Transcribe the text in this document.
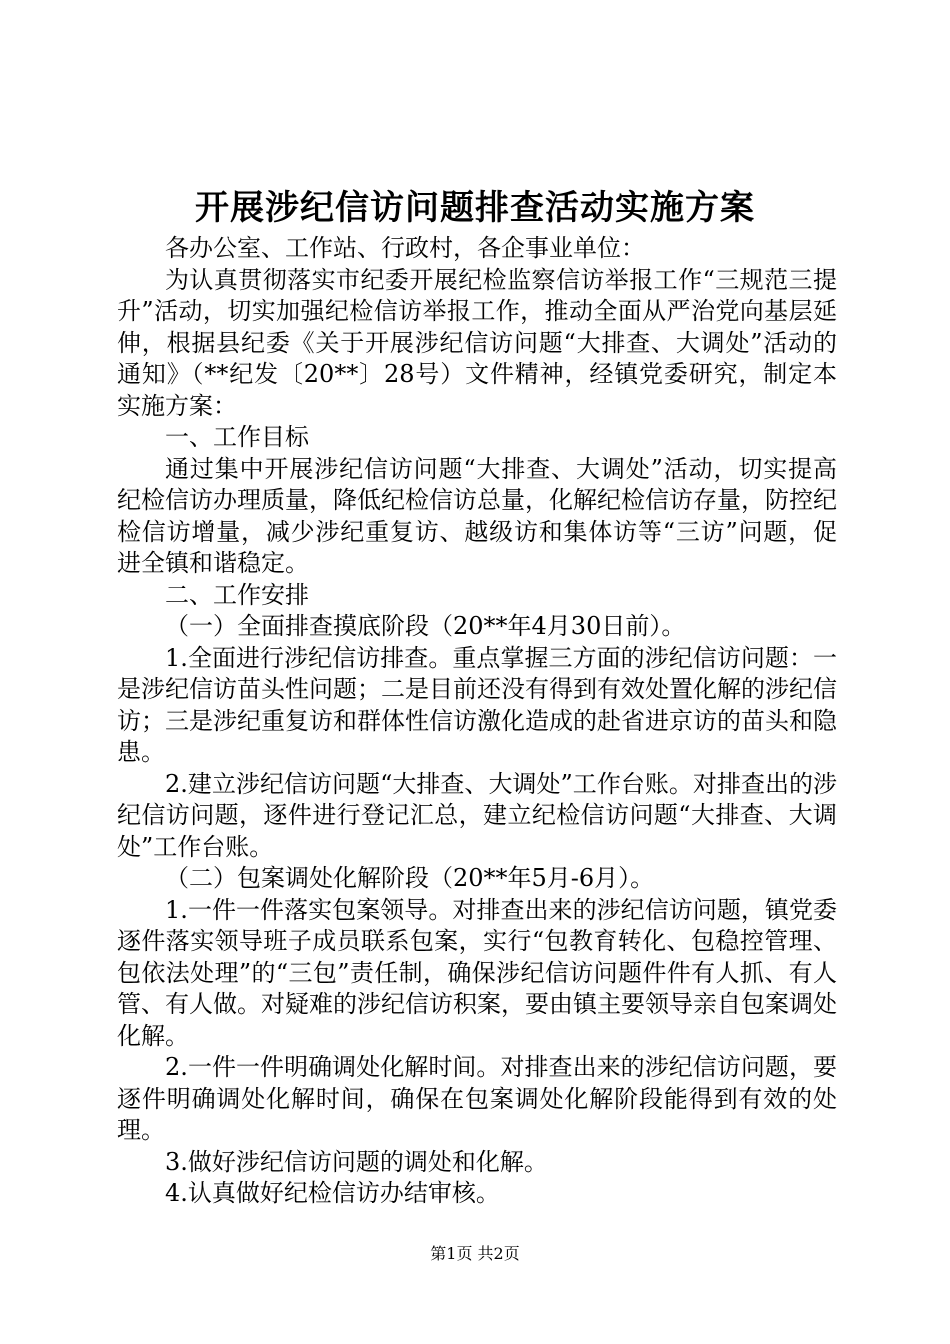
开展涉纪信访问题排查活动实施方案

各办公室、工作站、行政村，各企事业单位：

为认真贯彻落实市纪委开展纪检监察信访举报工作“三规范三提升”活动，切实加强纪检信访举报工作，推动全面从严治党向基层延伸，根据县纪委《关于开展涉纪信访问题“大排查、大调处”活动的通知》（**纪发〔20**〕28号）文件精神，经镇党委研究，制定本实施方案：

一、工作目标

通过集中开展涉纪信访问题“大排查、大调处”活动，切实提高纪检信访办理质量，降低纪检信访总量，化解纪检信访存量，防控纪检信访增量，减少涉纪重复访、越级访和集体访等“三访”问题，促进全镇和谐稳定。

二、工作安排

（一）全面排查摸底阶段（20**年4月30日前）。

1.全面进行涉纪信访排查。重点掌握三方面的涉纪信访问题：一是涉纪信访苗头性问题；二是目前还没有得到有效处置化解的涉纪信访；三是涉纪重复访和群体性信访激化造成的赴省进京访的苗头和隐患。

2.建立涉纪信访问题“大排查、大调处”工作台账。对排查出的涉纪信访问题，逐件进行登记汇总，建立纪检信访问题“大排查、大调处”工作台账。

（二）包案调处化解阶段（20**年5月-6月）。

1.一件一件落实包案领导。对排查出来的涉纪信访问题，镇党委逐件落实领导班子成员联系包案，实行“包教育转化、包稳控管理、包依法处理”的“三包”责任制，确保涉纪信访问题件件有人抓、有人管、有人做。对疑难的涉纪信访积案，要由镇主要领导亲自包案调处化解。

2.一件一件明确调处化解时间。对排查出来的涉纪信访问题，要逐件明确调处化解时间，确保在包案调处化解阶段能得到有效的处理。

3.做好涉纪信访问题的调处和化解。

4.认真做好纪检信访办结审核。

第1页 共2页
